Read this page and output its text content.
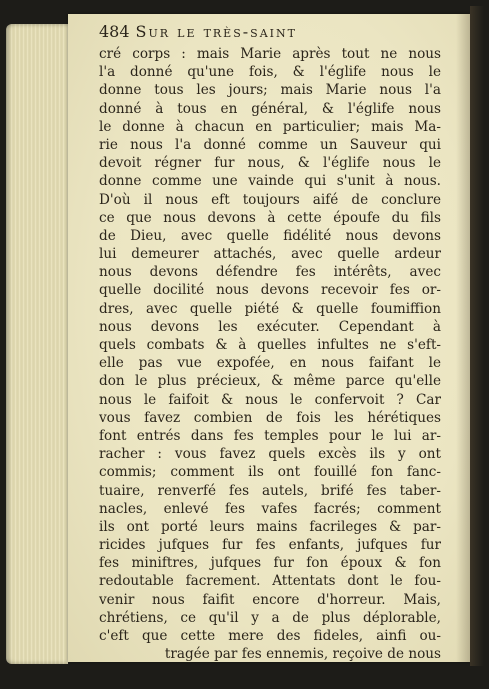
484 Sur le très-saint
cré corps : mais Marie après tout ne nous
l'a donné qu'une fois, & l'églife nous le
donne tous les jours; mais Marie nous l'a
donné à tous en général, & l'églife nous
le donne à chacun en particulier; mais Ma-
rie nous l'a donné comme un Sauveur qui
devoit régner fur nous, & l'églife nous le
donne comme une vainde qui s'unit à nous.
D'où il nous eft toujours aifé de conclure
ce que nous devons à cette époufe du fils
de Dieu, avec quelle fidélité nous devons
lui demeurer attachés, avec quelle ardeur
nous devons défendre fes intérêts, avec
quelle docilité nous devons recevoir fes or-
dres, avec quelle piété & quelle foumiffion
nous devons les exécuter. Cependant à
quels combats & à quelles infultes ne s'eft-
elle pas vue expofée, en nous faifant le
don le plus précieux, & même parce qu'elle
nous le faifoit & nous le confervoit ? Car
vous favez combien de fois les hérétiques
font entrés dans fes temples pour le lui ar-
racher : vous favez quels excès ils y ont
commis; comment ils ont fouillé fon fanc-
tuaire, renverfé fes autels, brifé fes taber-
nacles, enlevé fes vafes facrés; comment
ils ont porté leurs mains facrileges & par-
ricides jufques fur fes enfants, jufques fur
fes miniftres, jufques fur fon époux & fon
redoutable facrement. Attentats dont le fou-
venir nous faifit encore d'horreur. Mais,
chrétiens, ce qu'il y a de plus déplorable,
c'eft que cette mere des fideles, ainfi ou-
tragée par fes ennemis, reçoive de nous
